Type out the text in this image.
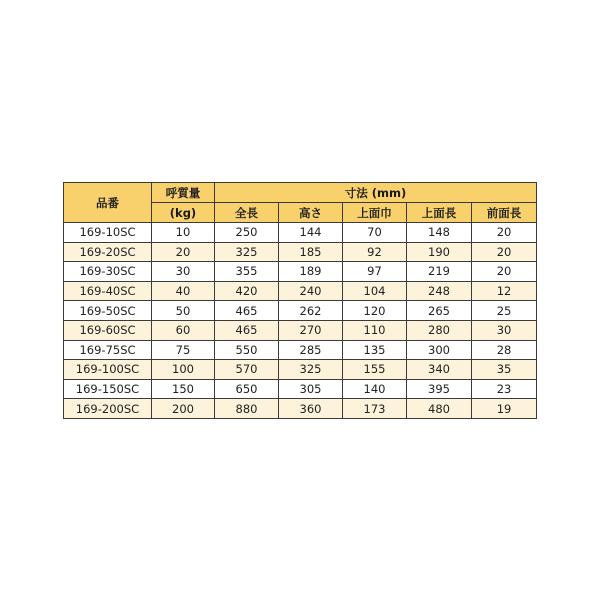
品番	呼質量	寸法 (mm)				
	(kg)	全長	高さ	上面巾	上面長	前面長
169-10SC	10	250	144	70	148	20
169-20SC	20	325	185	92	190	20
169-30SC	30	355	189	97	219	20
169-40SC	40	420	240	104	248	12
169-50SC	50	465	262	120	265	25
169-60SC	60	465	270	110	280	30
169-75SC	75	550	285	135	300	28
169-100SC	100	570	325	155	340	35
169-150SC	150	650	305	140	395	23
169-200SC	200	880	360	173	480	19
